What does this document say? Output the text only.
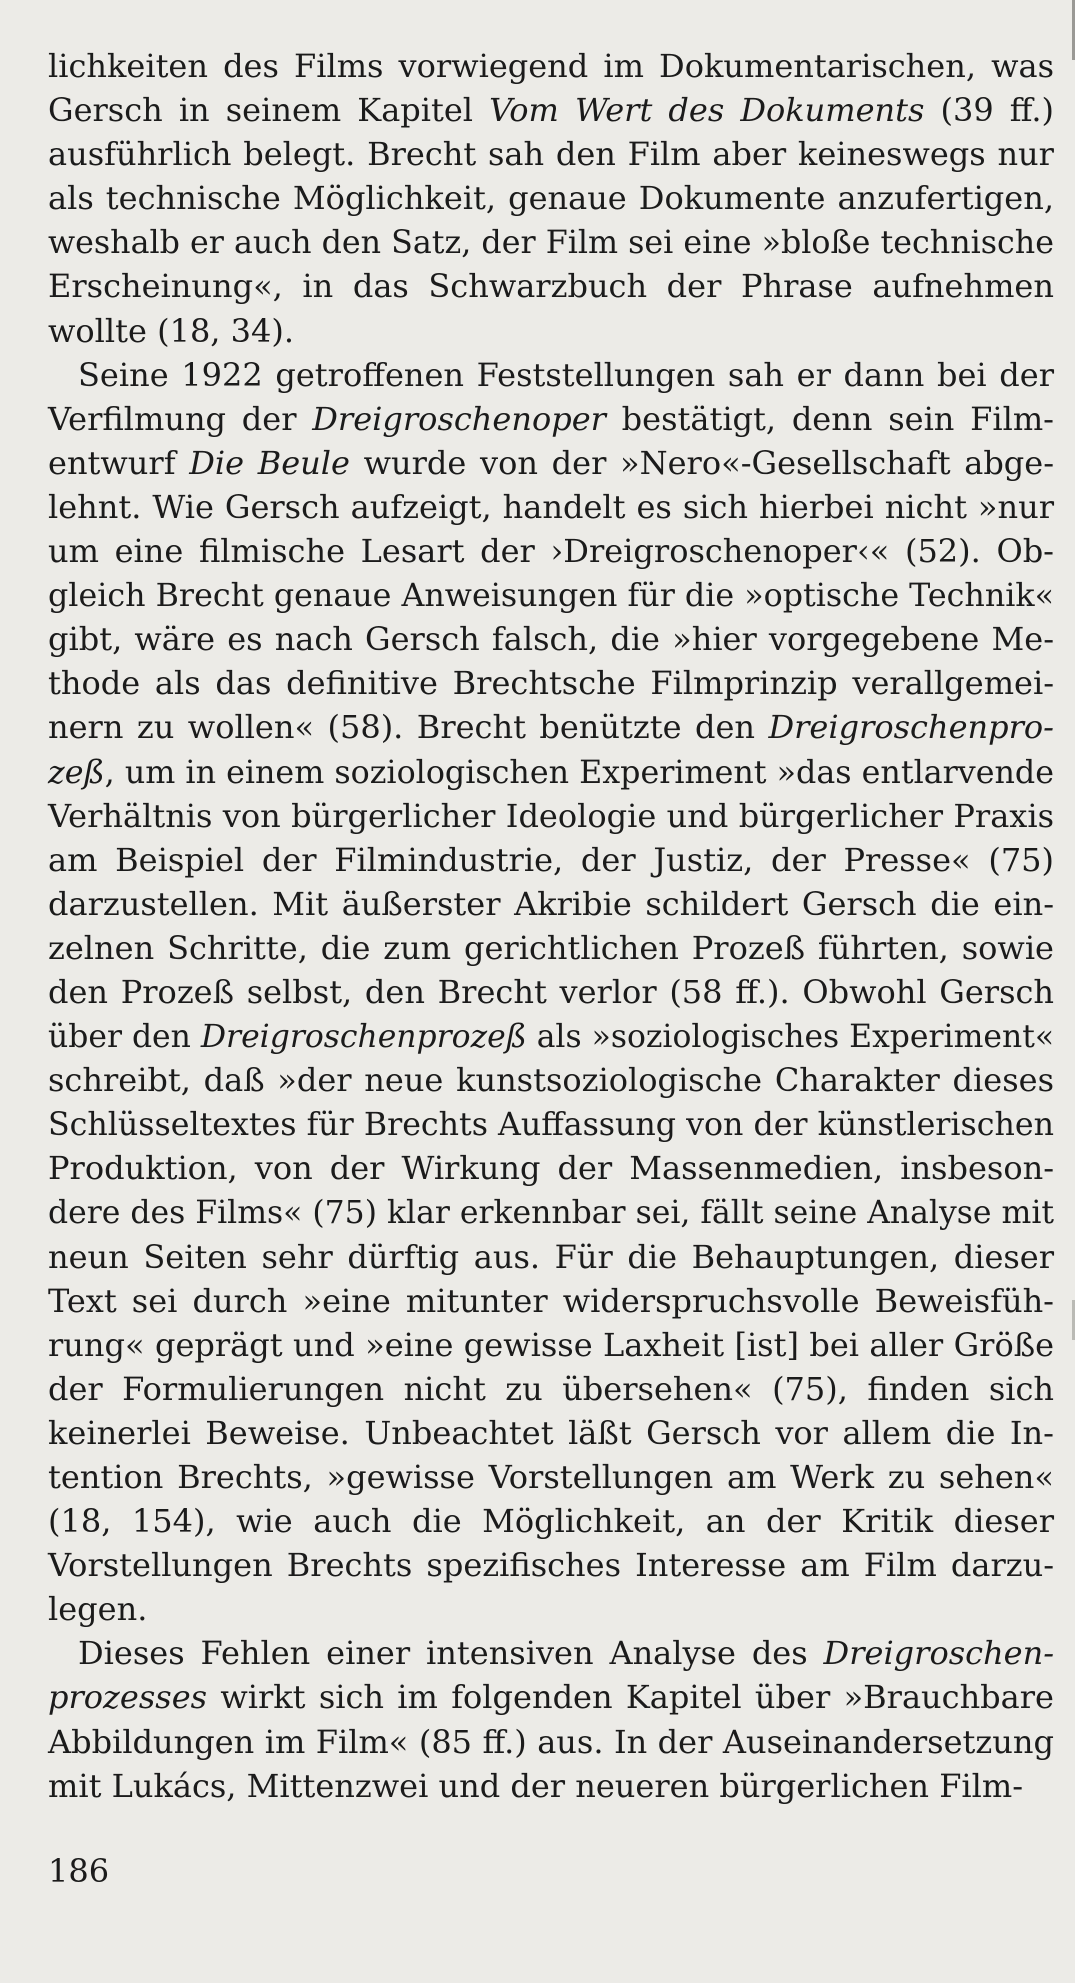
lichkeiten des Films vorwiegend im Dokumentarischen, was
Gersch in seinem Kapitel Vom Wert des Dokuments (39 ff.)
ausführlich belegt. Brecht sah den Film aber keineswegs nur
als technische Möglichkeit, genaue Dokumente anzufertigen,
weshalb er auch den Satz, der Film sei eine »bloße technische
Erscheinung«, in das Schwarzbuch der Phrase aufnehmen
wollte (18, 34).
Seine 1922 getroffenen Feststellungen sah er dann bei der
Verfilmung der Dreigroschenoper bestätigt, denn sein Film-
entwurf Die Beule wurde von der »Nero«-Gesellschaft abge-
lehnt. Wie Gersch aufzeigt, handelt es sich hierbei nicht »nur
um eine filmische Lesart der ›Dreigroschenoper‹« (52). Ob-
gleich Brecht genaue Anweisungen für die »optische Technik«
gibt, wäre es nach Gersch falsch, die »hier vorgegebene Me-
thode als das definitive Brechtsche Filmprinzip verallgemei-
nern zu wollen« (58). Brecht benützte den Dreigroschenpro-
zeß, um in einem soziologischen Experiment »das entlarvende
Verhältnis von bürgerlicher Ideologie und bürgerlicher Praxis
am Beispiel der Filmindustrie, der Justiz, der Presse« (75)
darzustellen. Mit äußerster Akribie schildert Gersch die ein-
zelnen Schritte, die zum gerichtlichen Prozeß führten, sowie
den Prozeß selbst, den Brecht verlor (58 ff.). Obwohl Gersch
über den Dreigroschenprozeß als »soziologisches Experiment«
schreibt, daß »der neue kunstsoziologische Charakter dieses
Schlüsseltextes für Brechts Auffassung von der künstlerischen
Produktion, von der Wirkung der Massenmedien, insbeson-
dere des Films« (75) klar erkennbar sei, fällt seine Analyse mit
neun Seiten sehr dürftig aus. Für die Behauptungen, dieser
Text sei durch »eine mitunter widerspruchsvolle Beweisfüh-
rung« geprägt und »eine gewisse Laxheit [ist] bei aller Größe
der Formulierungen nicht zu übersehen« (75), finden sich
keinerlei Beweise. Unbeachtet läßt Gersch vor allem die In-
tention Brechts, »gewisse Vorstellungen am Werk zu sehen«
(18, 154), wie auch die Möglichkeit, an der Kritik dieser
Vorstellungen Brechts spezifisches Interesse am Film darzu-
legen.
Dieses Fehlen einer intensiven Analyse des Dreigroschen-
prozesses wirkt sich im folgenden Kapitel über »Brauchbare
Abbildungen im Film« (85 ff.) aus. In der Auseinandersetzung
mit Lukács, Mittenzwei und der neueren bürgerlichen Film-
186
